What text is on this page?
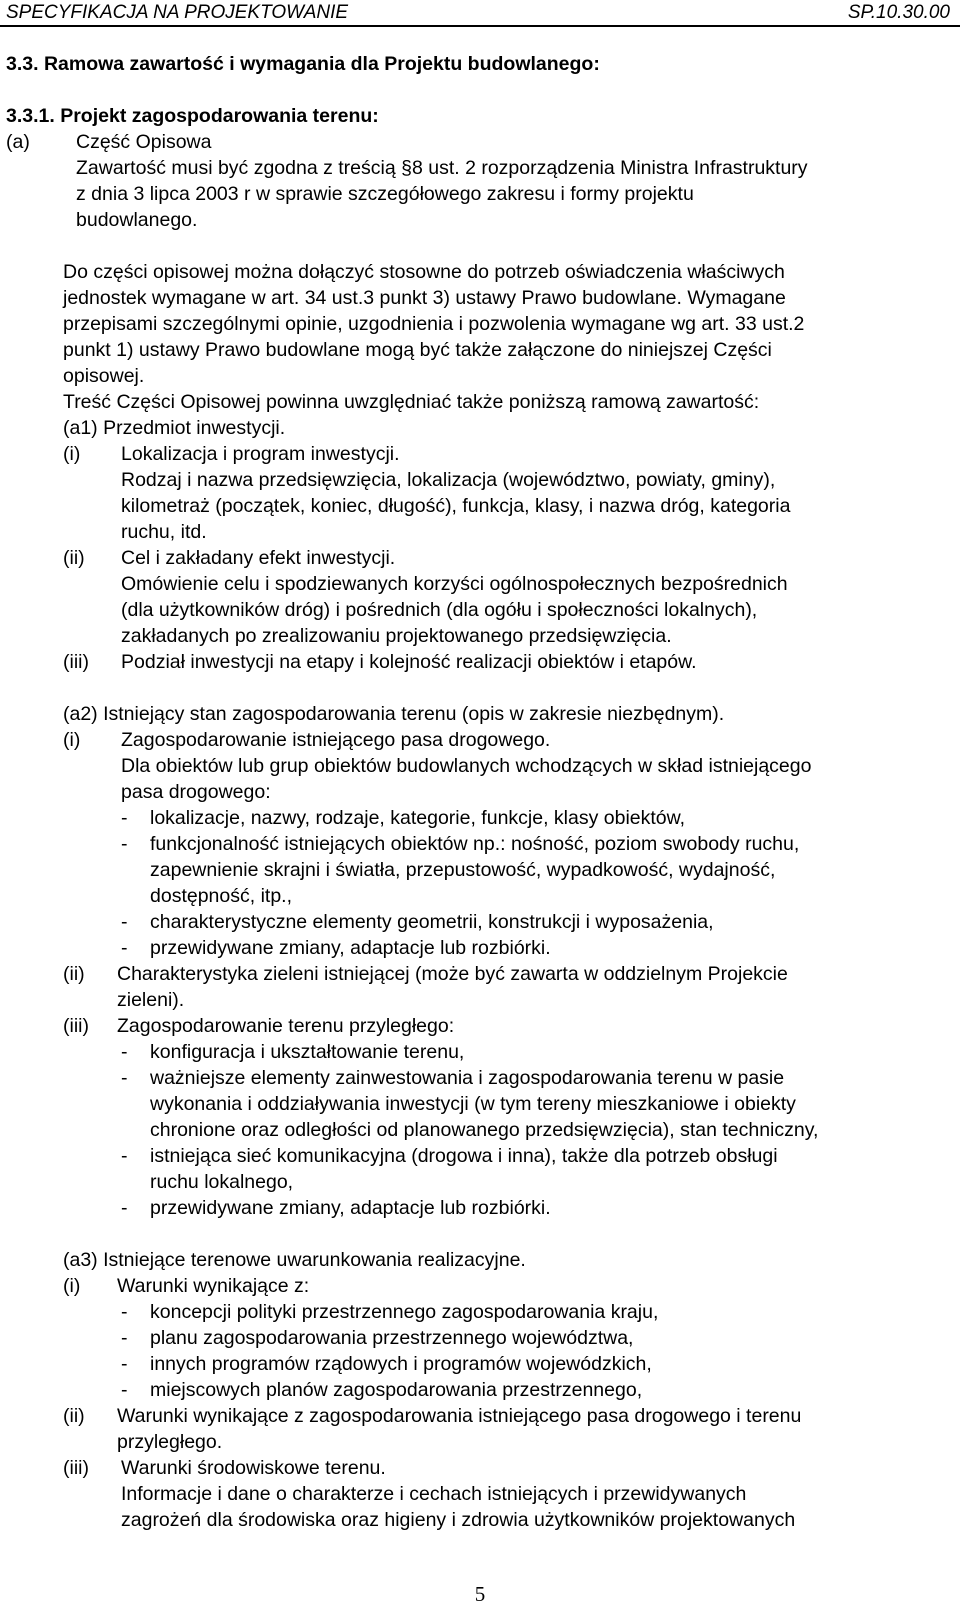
SPECYFIKACJA NA PROJEKTOWANIE	SP.10.30.00
3.3. Ramowa zawartość i wymagania dla Projektu budowlanego:
3.3.1. Projekt zagospodarowania terenu:
(a) Część Opisowa
Zawartość musi być zgodna z treścią §8 ust. 2 rozporządzenia Ministra Infrastruktury
z dnia 3 lipca 2003 r w sprawie szczegółowego zakresu i formy projektu
budowlanego.
Do części opisowej można dołączyć stosowne do potrzeb oświadczenia właściwych
jednostek wymagane w art. 34 ust.3 punkt 3) ustawy Prawo budowlane. Wymagane
przepisami szczególnymi opinie, uzgodnienia i pozwolenia wymagane wg art. 33 ust.2
punkt 1) ustawy Prawo budowlane mogą być także załączone do niniejszej Części
opisowej.
Treść Części Opisowej powinna uwzględniać także poniższą ramową zawartość:
(a1) Przedmiot inwestycji.
(i) Lokalizacja i program inwestycji.
Rodzaj i nazwa przedsięwzięcia, lokalizacja (województwo, powiaty, gminy),
kilometraż (początek, koniec, długość), funkcja, klasy, i nazwa dróg, kategoria
ruchu, itd.
(ii) Cel i zakładany efekt inwestycji.
Omówienie celu i spodziewanych korzyści ogólnospołecznych bezpośrednich
(dla użytkowników dróg) i pośrednich (dla ogółu i społeczności lokalnych),
zakładanych po zrealizowaniu projektowanego przedsięwzięcia.
(iii) Podział inwestycji na etapy i kolejność realizacji obiektów i etapów.
(a2) Istniejący stan zagospodarowania terenu (opis w zakresie niezbędnym).
(i) Zagospodarowanie istniejącego pasa drogowego.
Dla obiektów lub grup obiektów budowlanych wchodzących w skład istniejącego
pasa drogowego:
- lokalizacje, nazwy, rodzaje, kategorie, funkcje, klasy obiektów,
- funkcjonalność istniejących obiektów np.: nośność, poziom swobody ruchu,
zapewnienie skrajni i światła, przepustowość, wypadkowość, wydajność,
dostępność, itp.,
- charakterystyczne elementy geometrii, konstrukcji i wyposażenia,
- przewidywane zmiany, adaptacje lub rozbiórki.
(ii) Charakterystyka zieleni istniejącej (może być zawarta w oddzielnym Projekcie
zieleni).
(iii) Zagospodarowanie terenu przyległego:
- konfiguracja i ukształtowanie terenu,
- ważniejsze elementy zainwestowania i zagospodarowania terenu w pasie
wykonania i oddziaływania inwestycji (w tym tereny mieszkaniowe i obiekty
chronione oraz odległości od planowanego przedsięwzięcia), stan techniczny,
- istniejąca sieć komunikacyjna (drogowa i inna), także dla potrzeb obsługi
ruchu lokalnego,
- przewidywane zmiany, adaptacje lub rozbiórki.
(a3) Istniejące terenowe uwarunkowania realizacyjne.
(i) Warunki wynikające z:
- koncepcji polityki przestrzennego zagospodarowania kraju,
- planu zagospodarowania przestrzennego województwa,
- innych programów rządowych i programów wojewódzkich,
- miejscowych planów zagospodarowania przestrzennego,
(ii) Warunki wynikające z zagospodarowania istniejącego pasa drogowego i terenu
przyległego.
(iii) Warunki środowiskowe terenu.
Informacje i dane o charakterze i cechach istniejących i przewidywanych
zagrożeń dla środowiska oraz higieny i zdrowia użytkowników projektowanych
5
